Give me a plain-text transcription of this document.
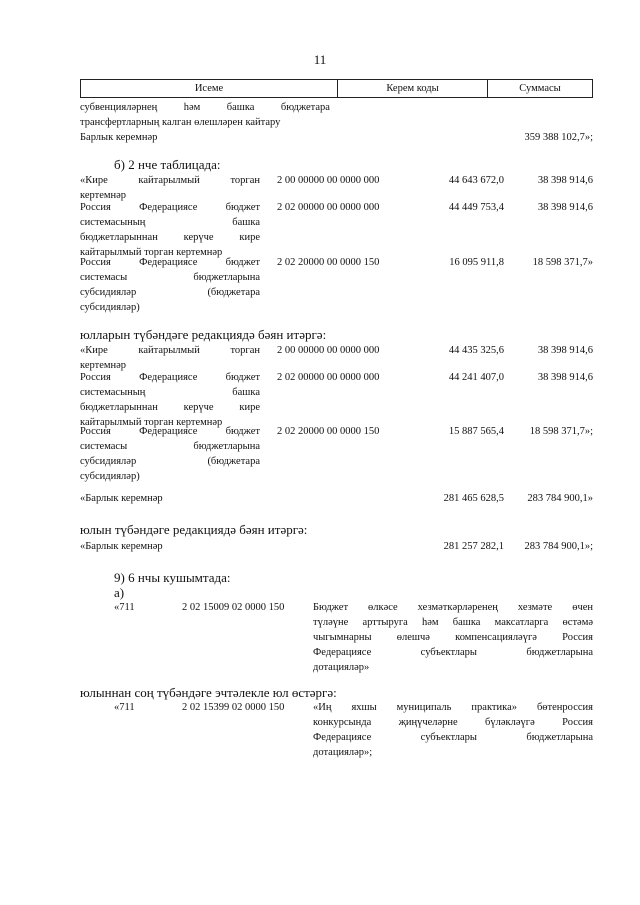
11
Исеме	Керем коды	Суммасы
субвенцияләрнең	һәм	башка	бюджетара
трансфертларның калган өлешләрен кайтару
Барлык керемнәр	359 388 102,7»;
б) 2 нче таблицада:
«Кире	кайтарылмый	торган
кертемнәр
2 00 00000 00 0000 000	44 643 672,0	38 398 914,6
Россия	Федерациясе	бюджет
системасының	башка
бюджетларыннан керүче кире
кайтарылмый торган кертемнәр
2 02 00000 00 0000 000	44 449 753,4	38 398 914,6
Россия	Федерациясе	бюджет
системасы	бюджетларына
субсидияләр	(бюджетара
субсидияләр)
2 02 20000 00 0000 150	16 095 911,8	18 598 371,7»
юлларын түбәндәге редакциядә бәян итәргә:
«Кире	кайтарылмый	торган
кертемнәр
2 00 00000 00 0000 000	44 435 325,6	38 398 914,6
Россия	Федерациясе	бюджет
системасының	башка
бюджетларыннан керүче кире
кайтарылмый торган кертемнәр
2 02 00000 00 0000 000	44 241 407,0	38 398 914,6
Россия	Федерациясе	бюджет
системасы	бюджетларына
субсидияләр	(бюджетара
субсидияләр)
2 02 20000 00 0000 150	15 887 565,4	18 598 371,7»;
«Барлык керемнәр	281 465 628,5	283 784 900,1»
юлын түбәндәге редакциядә бәян итәргә:
«Барлык керемнәр	281 257 282,1	283 784 900,1»;
9) 6 нчы кушымтада:
а)
«711	2 02 15009 02 0000 150	Бюджет өлкәсе хезмәткәрләренең хезмәте өчен
түләүне арттыруга һәм башка максатларга өстәмә
чыгымнарны өлешчә компенсацияләүгә Россия
Федерациясе	субъектлары	бюджетларына
дотацияләр»
юлыннан соң түбәндәге эчтәлекле юл өстәргә:
«711	2 02 15399 02 0000 150	«Иң яхшы муниципаль практика» бөтенроссия
конкурсында	җиңүчеләрне	бүләкләүгә	Россия
Федерациясе	субъектлары	бюджетларына
дотацияләр»;
